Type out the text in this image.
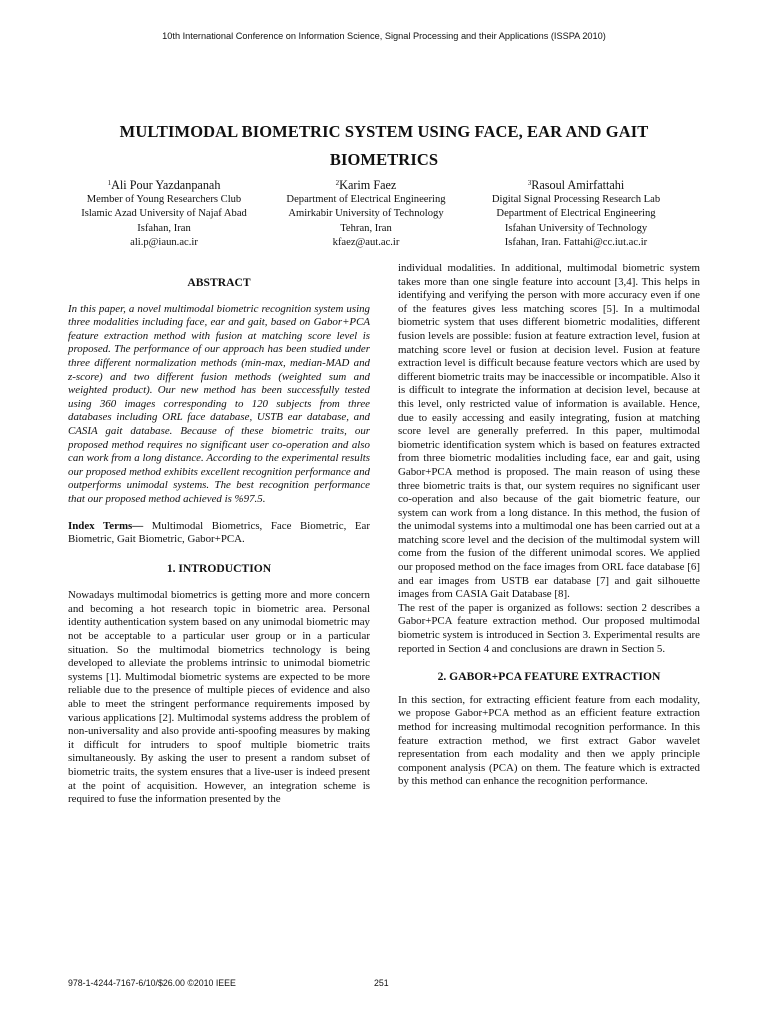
10th International Conference on Information Science, Signal Processing and their Applications (ISSPA 2010)
MULTIMODAL BIOMETRIC SYSTEM USING FACE, EAR AND GAIT
BIOMETRICS
$^1$Ali Pour Yazdanpanah
Member of Young Researchers Club
Islamic Azad University of Najaf Abad
Isfahan, Iran
ali.p@iaun.ac.ir
$^2$Karim Faez
Department of Electrical Engineering
Amirkabir University of Technology
Tehran, Iran
kfaez@aut.ac.ir
$^3$Rasoul Amirfattahi
Digital Signal Processing Research Lab
Department of Electrical Engineering
Isfahan University of Technology
Isfahan, Iran. Fattahi@cc.iut.ac.ir

ABSTRACT

In this paper, a novel multimodal biometric recognition system using three modalities including face, ear and gait, based on Gabor+PCA feature extraction method with fusion at matching score level is proposed. The performance of our approach has been studied under three different normalization methods (min-max, median-MAD and z-score) and two different fusion methods (weighted sum and weighted product). Our new method has been successfully tested using 360 images corresponding to 120 subjects from three databases including ORL face database, USTB ear database, and CASIA gait database. Because of these biometric traits, our proposed method requires no significant user co-operation and also can work from a long distance. According to the experimental results our proposed method exhibits excellent recognition performance and outperforms unimodal systems. The best recognition performance that our proposed method achieved is %97.5.

Index Terms— Multimodal Biometrics, Face Biometric, Ear Biometric, Gait Biometric, Gabor+PCA.

1. INTRODUCTION

Nowadays multimodal biometrics is getting more and more concern and becoming a hot research topic in biometric area. Personal identity authentication system based on any unimodal biometric may not be acceptable to a particular user group or in a particular situation. So the multimodal biometrics technology is being developed to alleviate the problems intrinsic to unimodal biometric systems [1]. Multimodal biometric systems are expected to be more reliable due to the presence of multiple pieces of evidence and also able to meet the stringent performance requirements imposed by various applications [2]. Multimodal systems address the problem of non-universality and also provide anti-spoofing measures by making it difficult for intruders to spoof multiple biometric traits simultaneously. By asking the user to present a random subset of biometric traits, the system ensures that a live-user is indeed present at the point of acquisition. However, an integration scheme is required to fuse the information presented by the

individual modalities. In additional, multimodal biometric system takes more than one single feature into account [3,4]. This helps in identifying and verifying the person with more accuracy even if one of the features gives less matching scores [5]. In a multimodal biometric system that uses different biometric modalities, different fusion levels are possible: fusion at feature extraction level, fusion at matching score level or fusion at decision level. Fusion at feature extraction level is difficult because feature vectors which are used by different biometric traits may be inaccessible or incompatible. Also it is difficult to integrate the information at decision level, because at this level, only restricted value of information is available. Hence, due to easily accessing and easily integrating, fusion at matching score level are generally preferred. In this paper, multimodal biometric identification system which is based on features extracted from three biometric modalities including face, ear and gait, using Gabor+PCA method is proposed. The main reason of using these three biometric traits is that, our system requires no significant user co-operation and also because of the gait biometric feature, our system can work from a long distance. In this method, the fusion of the unimodal systems into a multimodal one has been carried out at a matching score level and the decision of the multimodal system will come from the fusion of the different unimodal scores. We applied our proposed method on the face images from ORL face database [6] and ear images from USTB ear database [7] and gait silhouette images from CASIA Gait Database [8].

The rest of the paper is organized as follows: section 2 describes a Gabor+PCA feature extraction method. Our proposed multimodal biometric system is introduced in Section 3. Experimental results are reported in Section 4 and conclusions are drawn in Section 5.

2. GABOR+PCA FEATURE EXTRACTION

In this section, for extracting efficient feature from each modality, we propose Gabor+PCA method as an efficient feature extraction method for increasing multimodal recognition performance. In this feature extraction method, we first extract Gabor wavelet representation from each modality and then we apply principle component analysis (PCA) on them. The feature which is extracted by this method can enhance the recognition performance.

978-1-4244-7167-6/10/$26.00 ©2010 IEEE	251
